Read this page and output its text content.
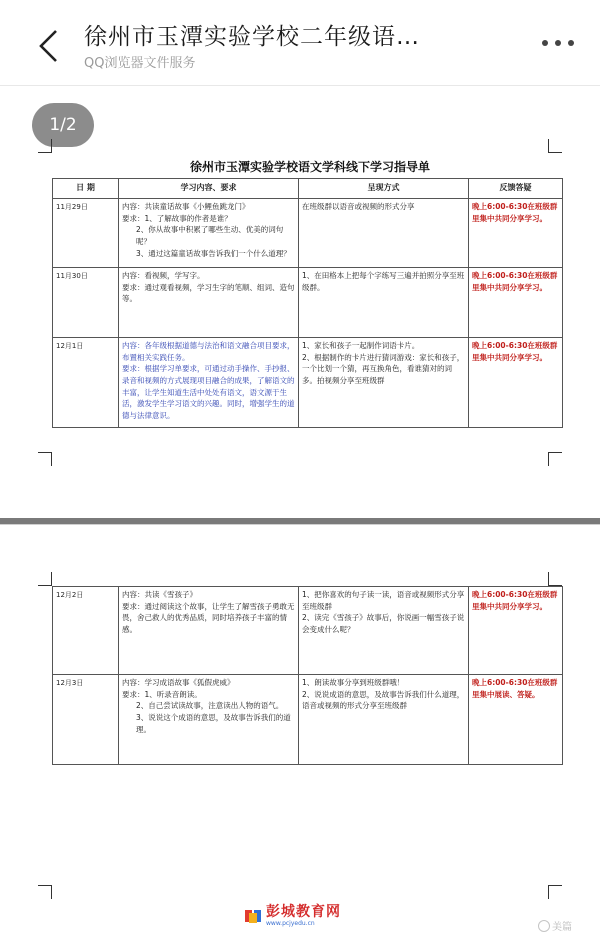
徐州市玉潭实验学校二年级语…
QQ浏览器文件服务
1/2
徐州市玉潭实验学校语文学科线下学习指导单
日 期	学习内容、要求	呈现方式	反馈答疑
11月29日	内容：共读童话故事《小鲤鱼跳龙门》
要求：1、了解故事的作者是谁？
2、你从故事中积累了哪些生动、优美的词句呢？
3、通过这篇童话故事告诉我们一个什么道理？	在班级群以语音或视频的形式分享	晚上6:00-6:30在班级群里集中共同分享学习。
11月30日	内容：看视频，学写字。
要求：通过观看视频，学习生字的笔顺、组词、造句等。	1、在田格本上把每个字练写三遍并拍照分享至班级群。	晚上6:00-6:30在班级群里集中共同分享学习。
12月1日	内容：各年级根据道德与法治和语文融合项目要求，布置相关实践任务。
要求：根据学习单要求，可通过动手操作、手抄报、录音和视频的方式展现项目融合的成果，了解语文的丰富，让学生知道生活中处处有语文，语文源于生活，激发学生学习语文的兴趣。同时，增强学生的道德与法律意识。	1、家长和孩子一起制作词语卡片。
2、根据制作的卡片进行猜词游戏：家长和孩子，一个比划一个猜，再互换角色，看谁猜对的词多。拍视频分享至班级群	晚上6:00-6:30在班级群里集中共同分享学习。
12月2日	内容：共读《雪孩子》
要求：通过阅读这个故事，让学生了解雪孩子勇敢无畏，舍己救人的优秀品质，同时培养孩子丰富的情感。	1、把你喜欢的句子读一读，语音或视频形式分享至班级群
2、读完《雪孩子》故事后，你说画一幅雪孩子说会变成什么呢？	晚上6:00-6:30在班级群里集中共同分享学习。
12月3日	内容：学习成语故事《狐假虎威》
要求：1、听录音朗读。
2、自己尝试读故事，注意读出人物的语气。
3、说说这个成语的意思，及故事告诉我们的道理。	1、朗读故事分享到班级群哦！
2、说说成语的意思，及故事告诉我们什么道理，语音或视频的形式分享至班级群	晚上6:00-6:30在班级群里集中展读、答疑。
彭城教育网
www.pcjyedu.cn	美篇
